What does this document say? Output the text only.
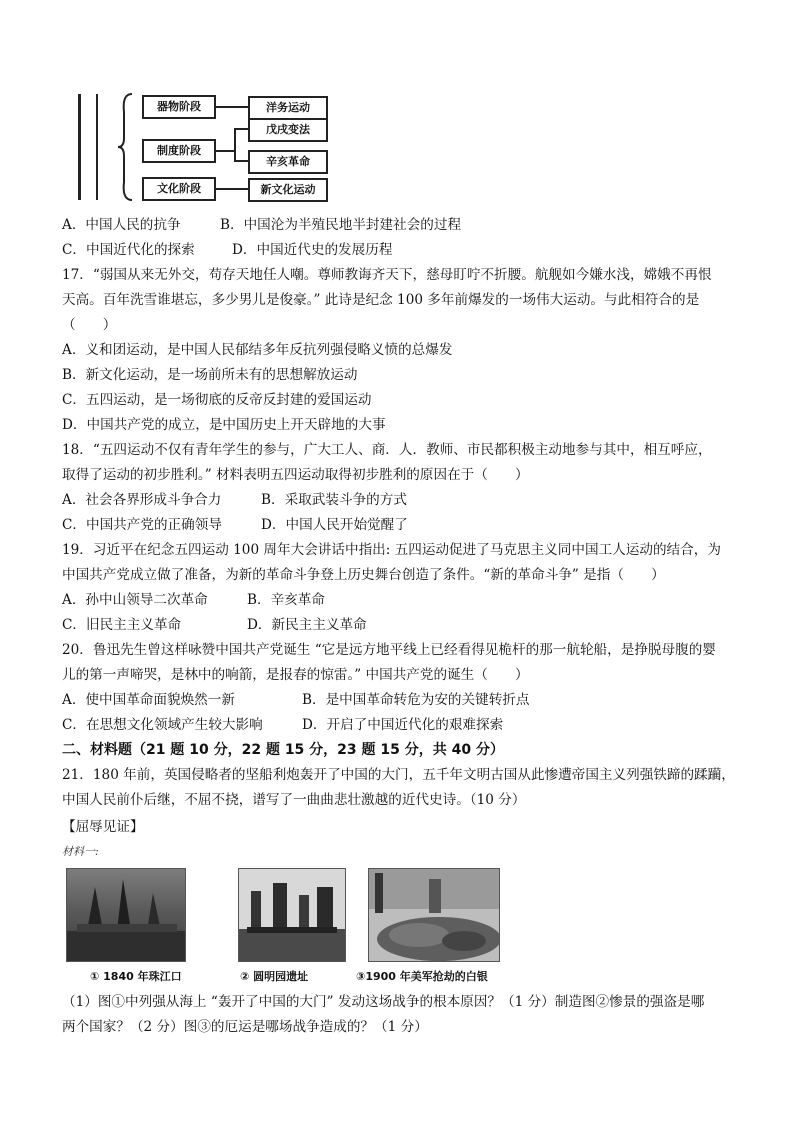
器物阶段
制度阶段
文化阶段
洋务运动
戊戌变法
辛亥革命
新文化运动
A．中国人民的抗争	B．中国沦为半殖民地半封建社会的过程
C．中国近代化的探索	D．中国近代史的发展历程
17．“弱国从来无外交，苟存天地任人嘲。尊师教诲齐天下，慈母盯咛不折腰。航舰如今嫌水浅，嫦娥不再恨
天高。百年洗雪谁堪忘，多少男儿是俊豪。” 此诗是纪念 100 多年前爆发的一场伟大运动。与此相符合的是
（　　）
A．义和团运动，是中国人民郁结多年反抗列强侵略义愤的总爆发
B．新文化运动，是一场前所未有的思想解放运动
C．五四运动，是一场彻底的反帝反封建的爱国运动
D．中国共产党的成立，是中国历史上开天辟地的大事
18．“五四运动不仅有青年学生的参与，广大工人、商．人．教师、市民都积极主动地参与其中，相互呼应，
取得了运动的初步胜利。” 材料表明五四运动取得初步胜利的原因在于（　　）
A．社会各界形成斗争合力	B．采取武装斗争的方式
C．中国共产党的正确领导	D．中国人民开始觉醒了
19．习近平在纪念五四运动 100 周年大会讲话中指出: 五四运动促进了马克思主义同中国工人运动的结合，为
中国共产党成立做了准备，为新的革命斗争登上历史舞台创造了条件。“新的革命斗争” 是指（　　）
A．孙中山领导二次革命	B．辛亥革命
C．旧民主主义革命	D．新民主主义革命
20．鲁迅先生曾这样咏赞中国共产党诞生 “它是远方地平线上已经看得见桅杆的那一航轮船，是挣脱母腹的婴
儿的第一声啼哭，是林中的响箭，是报春的惊雷。” 中国共产党的诞生（　　）
A．使中国革命面貌焕然一新	B．是中国革命转危为安的关键转折点
C．在思想文化领域产生较大影响	D．开启了中国近代化的艰难探索
二、材料题（21 题 10 分，22 题 15 分，23 题 15 分，共 40 分）
21．180 年前，英国侵略者的坚船利炮轰开了中国的大门，五千年文明古国从此惨遭帝国主义列强铁蹄的蹂躏，
中国人民前仆后继，不屈不挠，谱写了一曲曲悲壮激越的近代史诗。（10 分）
【屈辱见证】
材料一:
① 1840 年珠江口	② 圆明园遗址	③1900 年美军抢劫的白银
（1）图①中列强从海上 “轰开了中国的大门” 发动这场战争的根本原因？（1 分）制造图②惨景的强盗是哪
两个国家？（2 分）图③的厄运是哪场战争造成的？（1 分）
